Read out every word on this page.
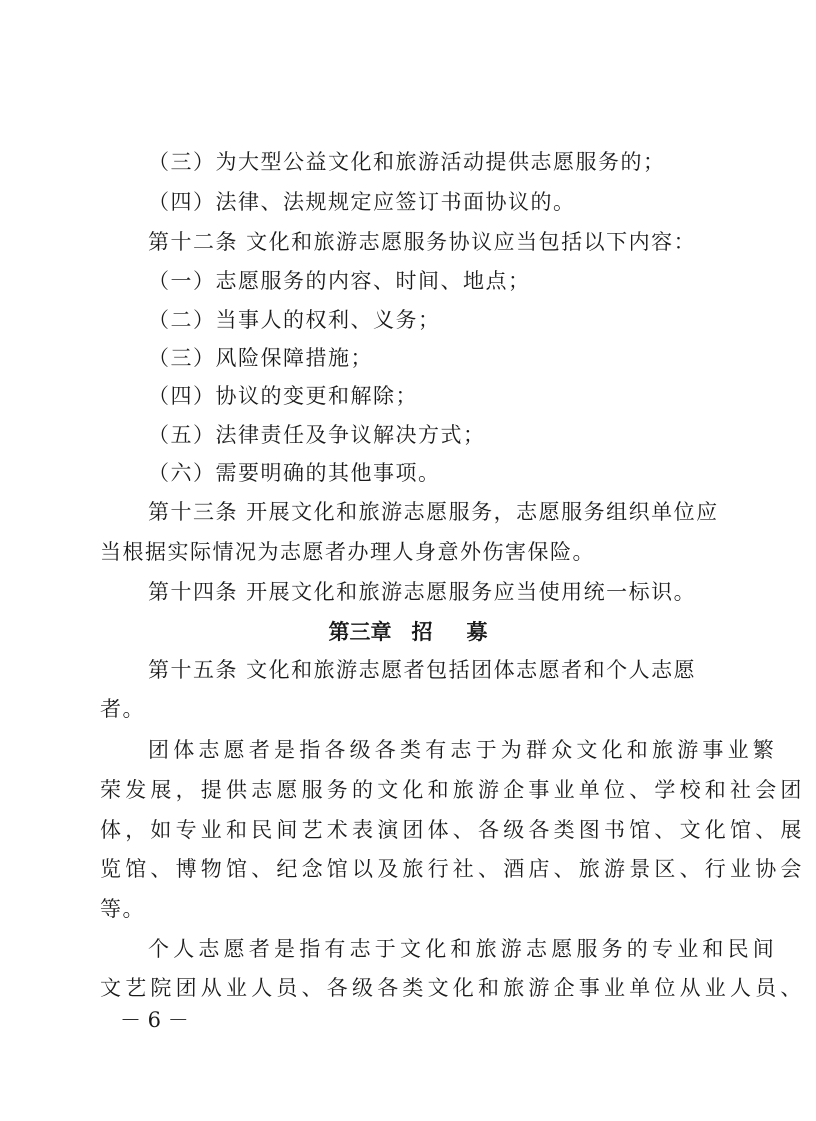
（三）为大型公益文化和旅游活动提供志愿服务的；
（四）法律、法规规定应签订书面协议的。
第十二条 文化和旅游志愿服务协议应当包括以下内容：
（一）志愿服务的内容、时间、地点；
（二）当事人的权利、义务；
（三）风险保障措施；
（四）协议的变更和解除；
（五）法律责任及争议解决方式；
（六）需要明确的其他事项。
第十三条 开展文化和旅游志愿服务，志愿服务组织单位应
当根据实际情况为志愿者办理人身意外伤害保险。
第十四条 开展文化和旅游志愿服务应当使用统一标识。
第三章 招 募
第十五条 文化和旅游志愿者包括团体志愿者和个人志愿
者。
团体志愿者是指各级各类有志于为群众文化和旅游事业繁
荣发展，提供志愿服务的文化和旅游企事业单位、学校和社会团
体，如专业和民间艺术表演团体、各级各类图书馆、文化馆、展
览馆、博物馆、纪念馆以及旅行社、酒店、旅游景区、行业协会
等。
个人志愿者是指有志于文化和旅游志愿服务的专业和民间
文艺院团从业人员、各级各类文化和旅游企事业单位从业人员、
－ 6 －
